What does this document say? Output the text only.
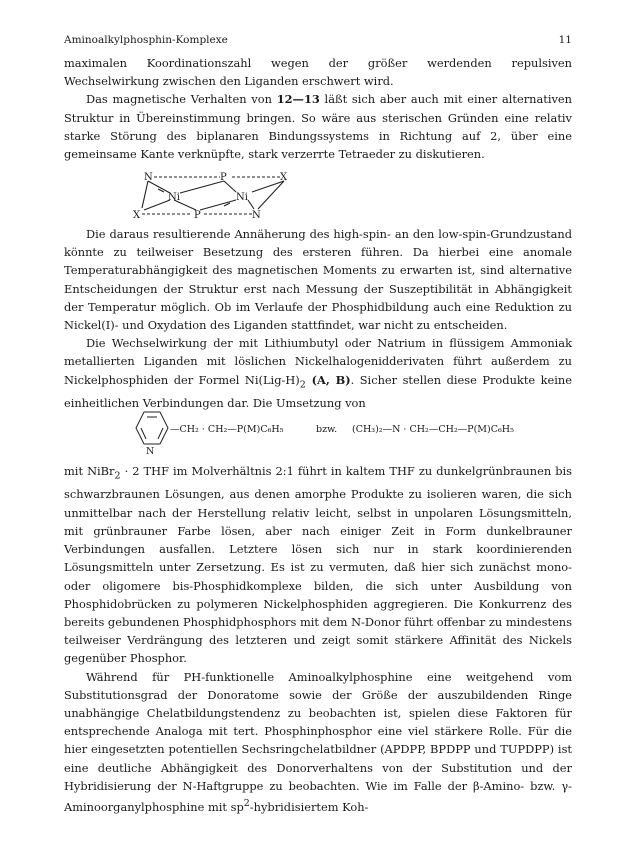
Aminoalkylphosphin-Komplexe	11

maximalen Koordinationszahl wegen der größer werdenden repulsiven Wechselwirkung zwischen den Liganden erschwert wird.

Das magnetische Verhalten von 12—13 läßt sich aber auch mit einer alternativen Struktur in Übereinstimmung bringen. So wäre aus sterischen Gründen eine relativ starke Störung des biplanaren Bindungssystems in Richtung auf 2, über eine gemeinsame Kante verknüpfte, stark verzerrte Tetraeder zu diskutieren.

N	P	X
Ni	Ni
X	P	N

Die daraus resultierende Annäherung des high-spin- an den low-spin-Grundzustand könnte zu teilweiser Besetzung des ersteren führen. Da hierbei eine anomale Temperaturabhängigkeit des magnetischen Moments zu erwarten ist, sind alternative Entscheidungen der Struktur erst nach Messung der Suszeptibilität in Abhängigkeit der Temperatur möglich. Ob im Verlaufe der Phosphidbildung auch eine Reduktion zu Nickel(I)- und Oxydation des Liganden stattfindet, war nicht zu entscheiden.

Die Wechselwirkung der mit Lithiumbutyl oder Natrium in flüssigem Ammoniak metallierten Liganden mit löslichen Nickelhalogenidderivaten führt außerdem zu Nickelphosphiden der Formel $Ni(Lig-H)_2$ (A, B). Sicher stellen diese Produkte keine einheitlichen Verbindungen dar. Die Umsetzung von

N
—CH₂ · CH₂—P(M)C₆H₅	bzw. (CH₃)₂—N · CH₂—CH₂—P(M)C₆H₅

mit NiBr$_2$ · 2 THF im Molverhältnis 2:1 führt in kaltem THF zu dunkelgrünbraunen bis schwarzbraunen Lösungen, aus denen amorphe Produkte zu isolieren waren, die sich unmittelbar nach der Herstellung relativ leicht, selbst in unpolaren Lösungsmitteln, mit grünbrauner Farbe lösen, aber nach einiger Zeit in Form dunkelbrauner Verbindungen ausfallen. Letztere lösen sich nur in stark koordinierenden Lösungsmitteln unter Zersetzung. Es ist zu vermuten, daß hier sich zunächst mono- oder oligomere bis-Phosphidkomplexe bilden, die sich unter Ausbildung von Phosphidobrücken zu polymeren Nickelphosphiden aggregieren. Die Konkurrenz des bereits gebundenen Phosphidphosphors mit dem N-Donor führt offenbar zu mindestens teilweiser Verdrängung des letzteren und zeigt somit stärkere Affinität des Nickels gegenüber Phosphor.

Während für PH-funktionelle Aminoalkylphosphine eine weitgehend vom Substitutionsgrad der Donoratome sowie der Größe der auszubildenden Ringe unabhängige Chelatbildungstendenz zu beobachten ist, spielen diese Faktoren für entsprechende Analoga mit tert. Phosphinphosphor eine viel stärkere Rolle. Für die hier eingesetzten potentiellen Sechsringchelatbildner (APDPP, BPDPP und TUPDPP) ist eine deutliche Abhängigkeit des Donorverhaltens von der Substitution und der Hybridisierung der N-Haftgruppe zu beobachten. Wie im Falle der β-Amino- bzw. γ-Aminoorganylphosphine mit $sp^2$-hybridisiertem Koh-
